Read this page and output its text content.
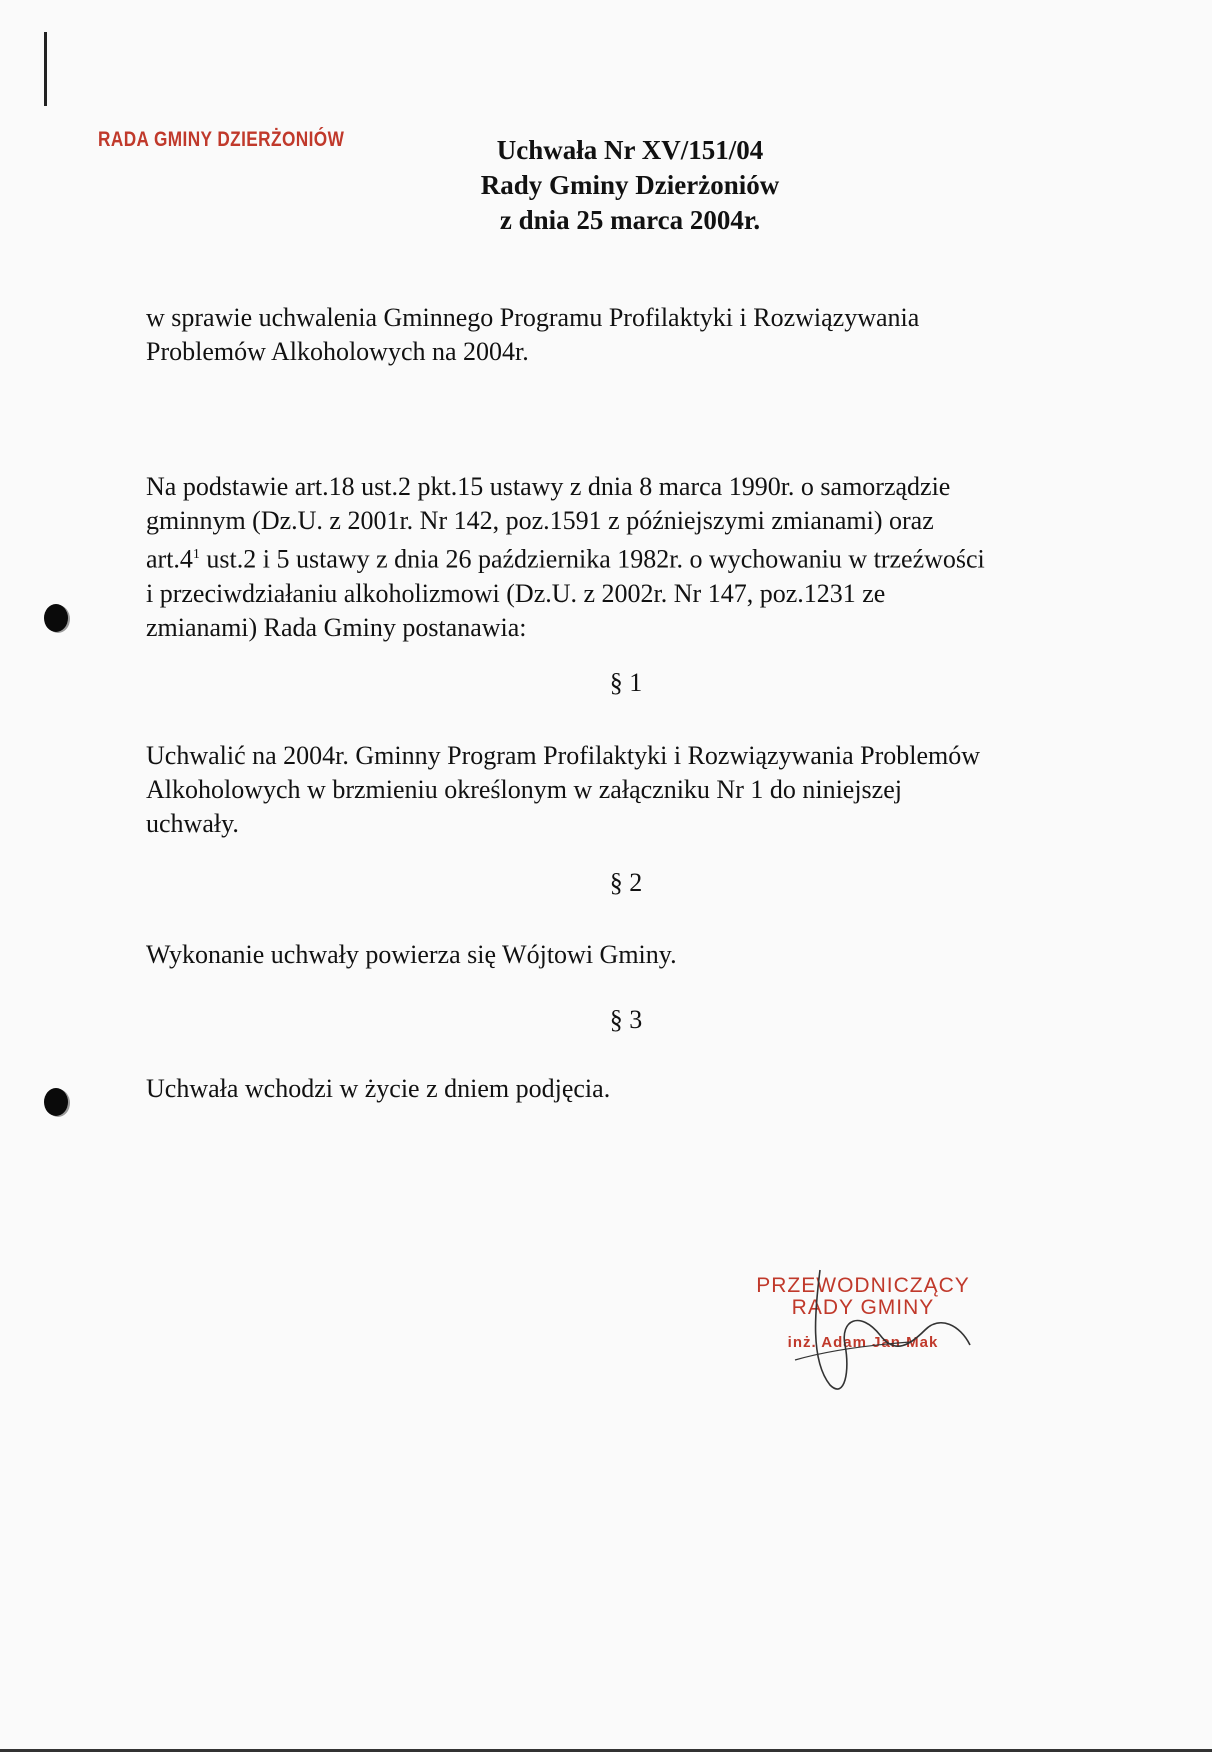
RADA GMINY DZIERŻONIÓW	Uchwała Nr XV/151/04
Rady Gminy Dzierżoniów
z dnia 25 marca 2004r.

w sprawie uchwalenia Gminnego Programu Profilaktyki i Rozwiązywania

Problemów Alkoholowych na 2004r.

Na podstawie art.18 ust.2 pkt.15 ustawy z dnia 8 marca 1990r. o samorządzie

gminnym (Dz.U. z 2001r. Nr 142, poz.1591 z późniejszymi zmianami) oraz

$art.4^1$ ust.2 i 5 ustawy z dnia 26 października 1982r. o wychowaniu w trzeźwości

i przeciwdziałaniu alkoholizmowi (Dz.U. z 2002r. Nr 147, poz.1231 ze

zmianami) Rada Gminy postanawia:

§ 1

Uchwalić na 2004r. Gminny Program Profilaktyki i Rozwiązywania Problemów

Alkoholowych w brzmieniu określonym w załączniku Nr 1 do niniejszej

uchwały.

§ 2

Wykonanie uchwały powierza się Wójtowi Gminy.

§ 3

Uchwała wchodzi w życie z dniem podjęcia.

PRZEWODNICZĄCY
RADY GMINY
inż. Adam Jan Mak
